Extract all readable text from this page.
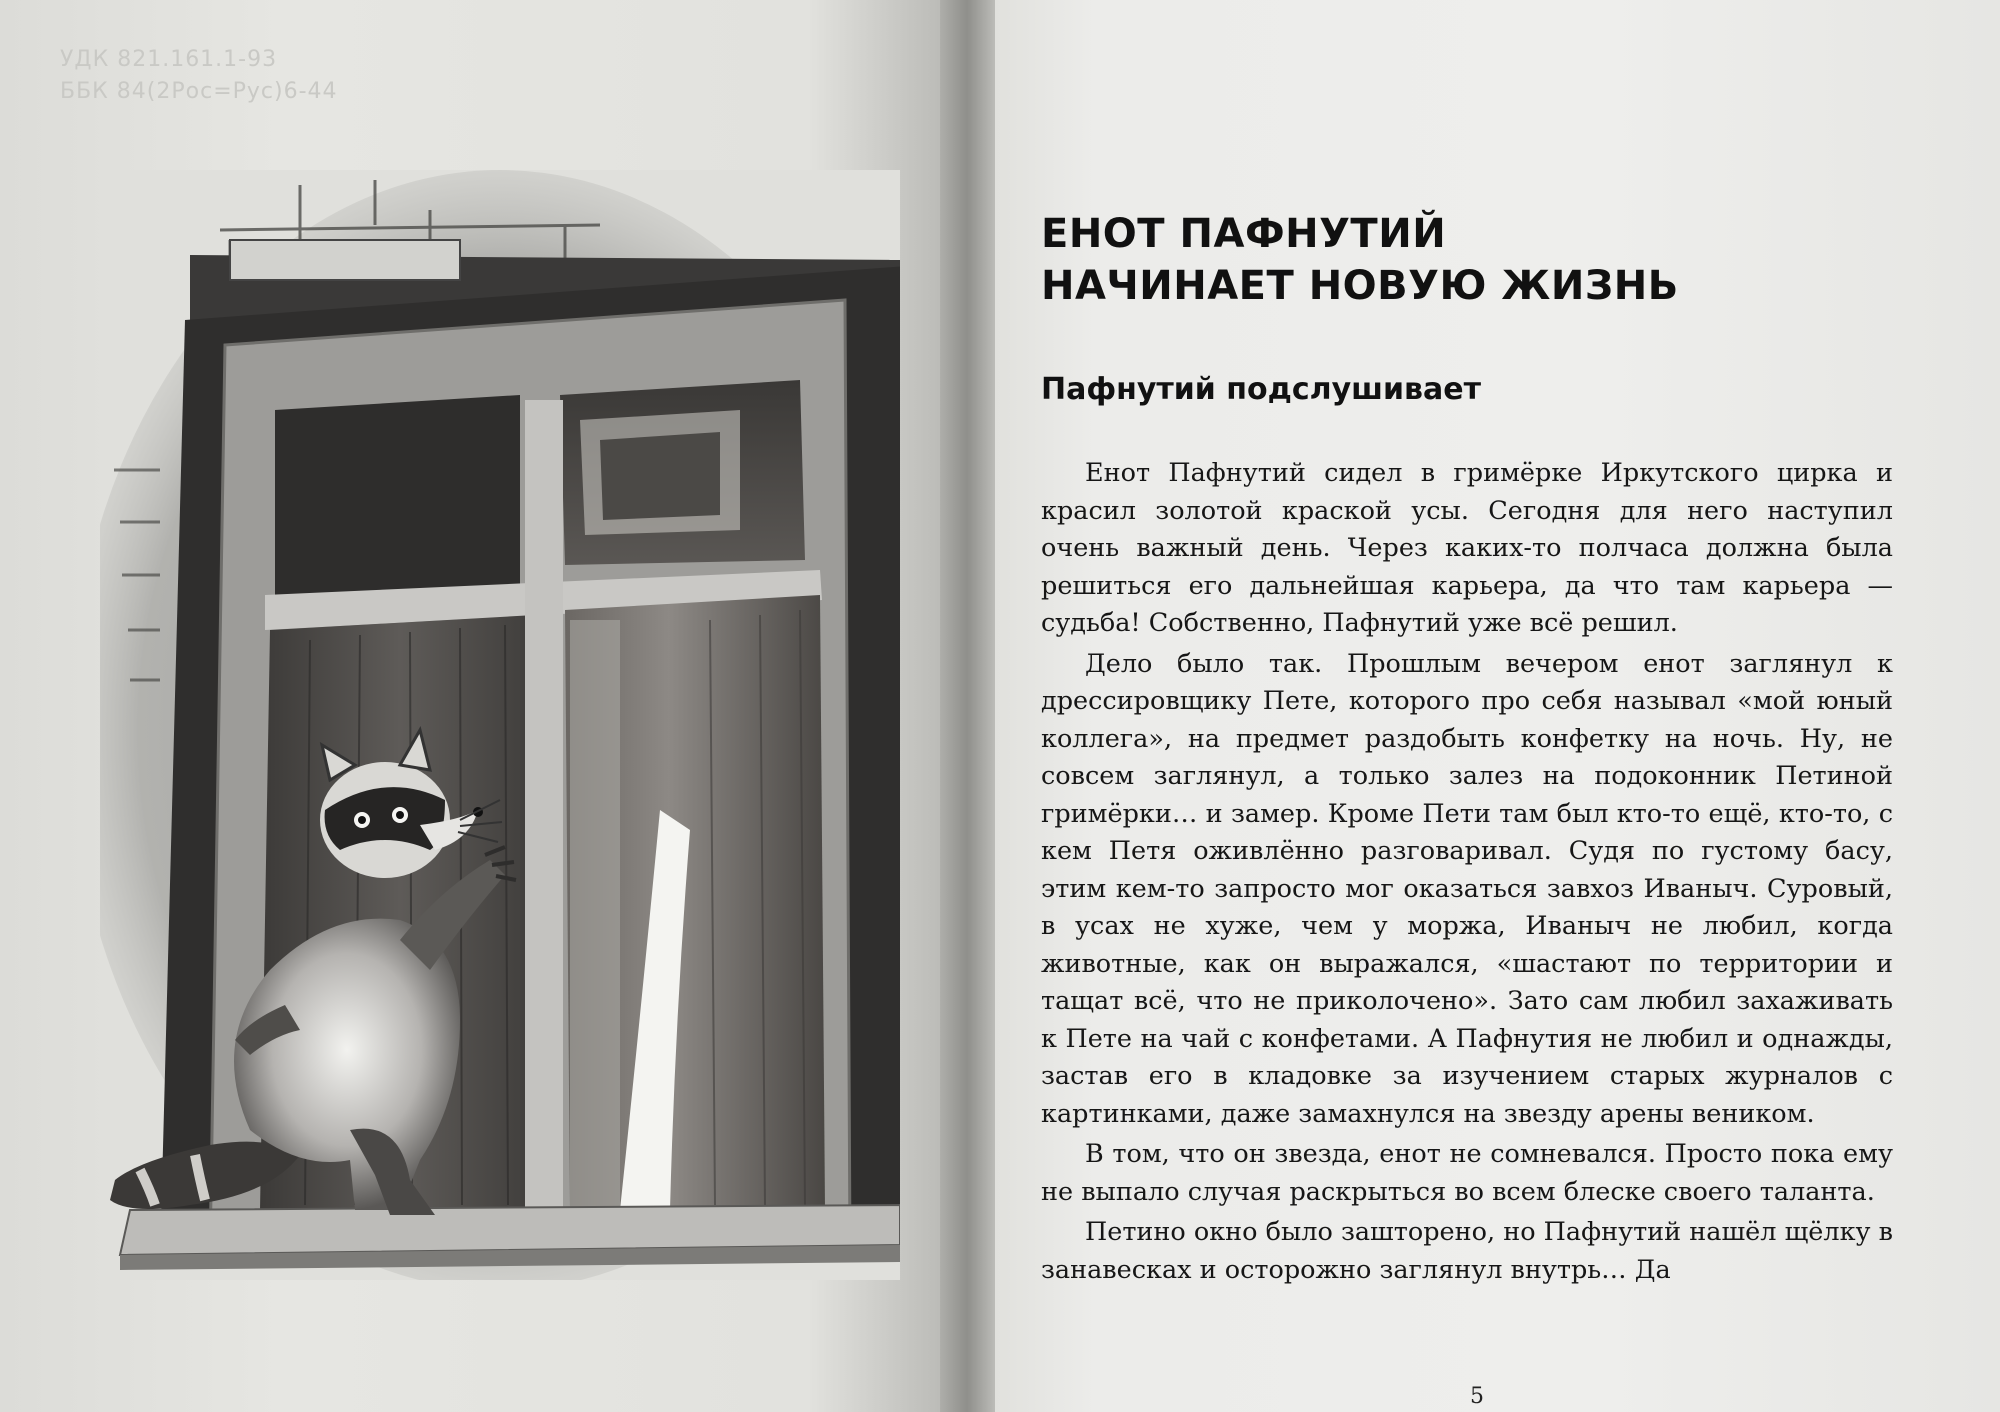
УДК 821.161.1-93
ББК 84(2Рос=Рус)6-44
ЕНОТ ПАФНУТИЙ
НАЧИНАЕТ НОВУЮ ЖИЗНЬ
Пафнутий подслушивает

Енот Пафнутий сидел в гримёрке Иркутского цирка и красил золотой краской усы. Сегодня для него наступил очень важный день. Через каких-то полчаса должна была решиться его дальнейшая карьера, да что там карьера — судьба! Собственно, Пафнутий уже всё решил.

Дело было так. Прошлым вечером енот заглянул к дрессировщику Пете, которого про себя называл «мой юный коллега», на предмет раздобыть конфетку на ночь. Ну, не совсем заглянул, а только залез на подоконник Петиной гримёрки… и замер. Кроме Пети там был кто-то ещё, кто-то, с кем Петя оживлённо разговаривал. Судя по густому басу, этим кем-то запросто мог оказаться завхоз Иваныч. Суровый, в усах не хуже, чем у моржа, Иваныч не любил, когда животные, как он выражался, «шастают по территории и тащат всё, что не приколочено». Зато сам любил захаживать к Пете на чай с конфетами. А Пафнутия не любил и однажды, застав его в кладовке за изучением старых журналов с картинками, даже замахнулся на звезду арены веником.

В том, что он звезда, енот не сомневался. Просто пока ему не выпало случая раскрыться во всем блеске своего таланта.

Петино окно было зашторено, но Пафнутий нашёл щёлку в занавесках и осторожно заглянул внутрь… Да

5
